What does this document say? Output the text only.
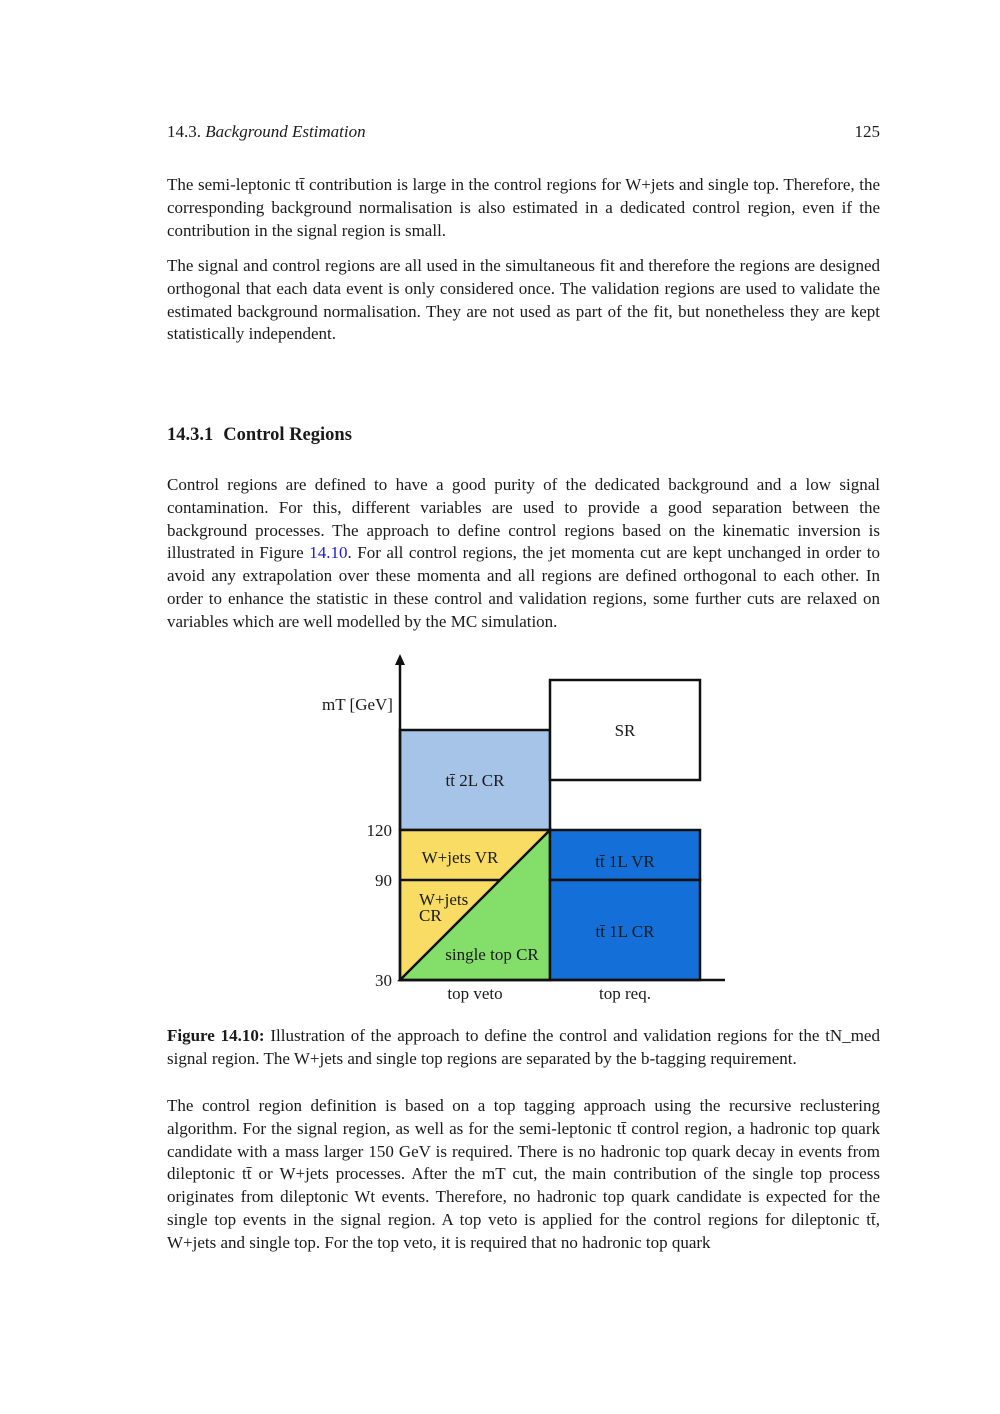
14.3. Background Estimation	125

The semi-leptonic tt̄ contribution is large in the control regions for W+jets and single top. Therefore, the corresponding background normalisation is also estimated in a dedicated control region, even if the contribution in the signal region is small.

The signal and control regions are all used in the simultaneous fit and therefore the regions are designed orthogonal that each data event is only considered once. The validation regions are used to validate the estimated background normalisation. They are not used as part of the fit, but nonetheless they are kept statistically independent.

14.3.1 Control Regions

Control regions are defined to have a good purity of the dedicated background and a low signal contamination. For this, different variables are used to provide a good separation between the background processes. The approach to define control regions based on the kinematic inversion is illustrated in Figure 14.10. For all control regions, the jet momenta cut are kept unchanged in order to avoid any extrapolation over these momenta and all regions are defined orthogonal to each other. In order to enhance the statistic in these control and validation regions, some further cuts are relaxed on variables which are well modelled by the MC simulation.

mT [GeV]
120
90
30
top veto	top req.
tt̄ 2L CR
SR
W+jets VR
W+jets
CR
single top CR
tt̄ 1L VR
tt̄ 1L CR

Figure 14.10: Illustration of the approach to define the control and validation regions for the tN_med signal region. The W+jets and single top regions are separated by the b-tagging requirement.

The control region definition is based on a top tagging approach using the recursive reclustering algorithm. For the signal region, as well as for the semi-leptonic tt̄ control region, a hadronic top quark candidate with a mass larger 150 GeV is required. There is no hadronic top quark decay in events from dileptonic tt̄ or W+jets processes. After the mT cut, the main contribution of the single top process originates from dileptonic Wt events. Therefore, no hadronic top quark candidate is expected for the single top events in the signal region. A top veto is applied for the control regions for dileptonic tt̄, W+jets and single top. For the top veto, it is required that no hadronic top quark
